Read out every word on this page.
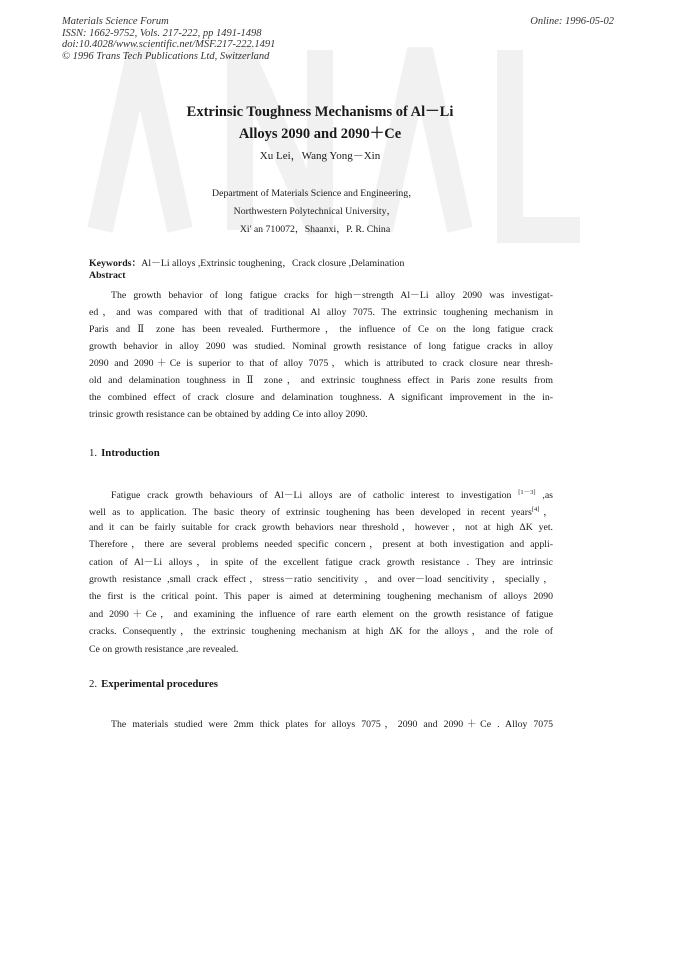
Materials Science Forum
ISSN: 1662-9752, Vols. 217-222, pp 1491-1498
doi:10.4028/www.scientific.net/MSF.217-222.1491
© 1996 Trans Tech Publications Ltd, Switzerland
Online: 1996-05-02
Extrinsic Toughness Mechanisms of Al－Li
Alloys 2090 and 2090＋Ce
Xu Lei，Wang Yong－Xin
Department of Materials Science and Engineering，
Northwestern Polytechnical University，
Xi' an 710072，Shaanxi，P. R. China
Keywords：Al－Li alloys ,Extrinsic toughening，Crack closure ,Delamination
Abstract
The growth behavior of long fatigue cracks for high－strength Al－Li alloy 2090 was investigat-
ed，and was compared with that of traditional Al alloy 7075. The extrinsic toughening mechanism in
Paris and Ⅱ zone has been revealed. Furthermore，the influence of Ce on the long fatigue crack
growth behavior in alloy 2090 was studied. Nominal growth resistance of long fatigue cracks in alloy
2090 and 2090＋Ce is superior to that of alloy 7075，which is attributed to crack closure near thresh-
old and delamination toughness in Ⅱ zone，and extrinsic toughness effect in Paris zone results from
the combined effect of crack closure and delamination toughness. A significant improvement in the in-
trinsic growth resistance can be obtained by adding Ce into alloy 2090.
1. Introduction
Fatigue crack growth behaviours of Al－Li alloys are of catholic interest to investigation [1－3] ,as
well as to application. The basic theory of extrinsic toughening has been developed in recent years[4]，
and it can be fairly suitable for crack growth behaviors near threshold，however，not at high ΔK yet.
Therefore，there are several problems needed specific concern，present at both investigation and appli-
cation of Al－Li alloys，in spite of the excellent fatigue crack growth resistance . They are intrinsic
growth resistance ,small crack effect，stress－ratio sencitivity ，and over－load sencitivity，specially，
the first is the critical point. This paper is aimed at determining toughening mechanism of alloys 2090
and 2090＋Ce，and examining the influence of rare earth element on the growth resistance of fatigue
cracks. Consequently，the extrinsic toughening mechanism at high ΔK for the alloys，and the role of
Ce on growth resistance ,are revealed.
2. Experimental procedures
The materials studied were 2mm thick plates for alloys 7075，2090 and 2090＋Ce . Alloy 7075
